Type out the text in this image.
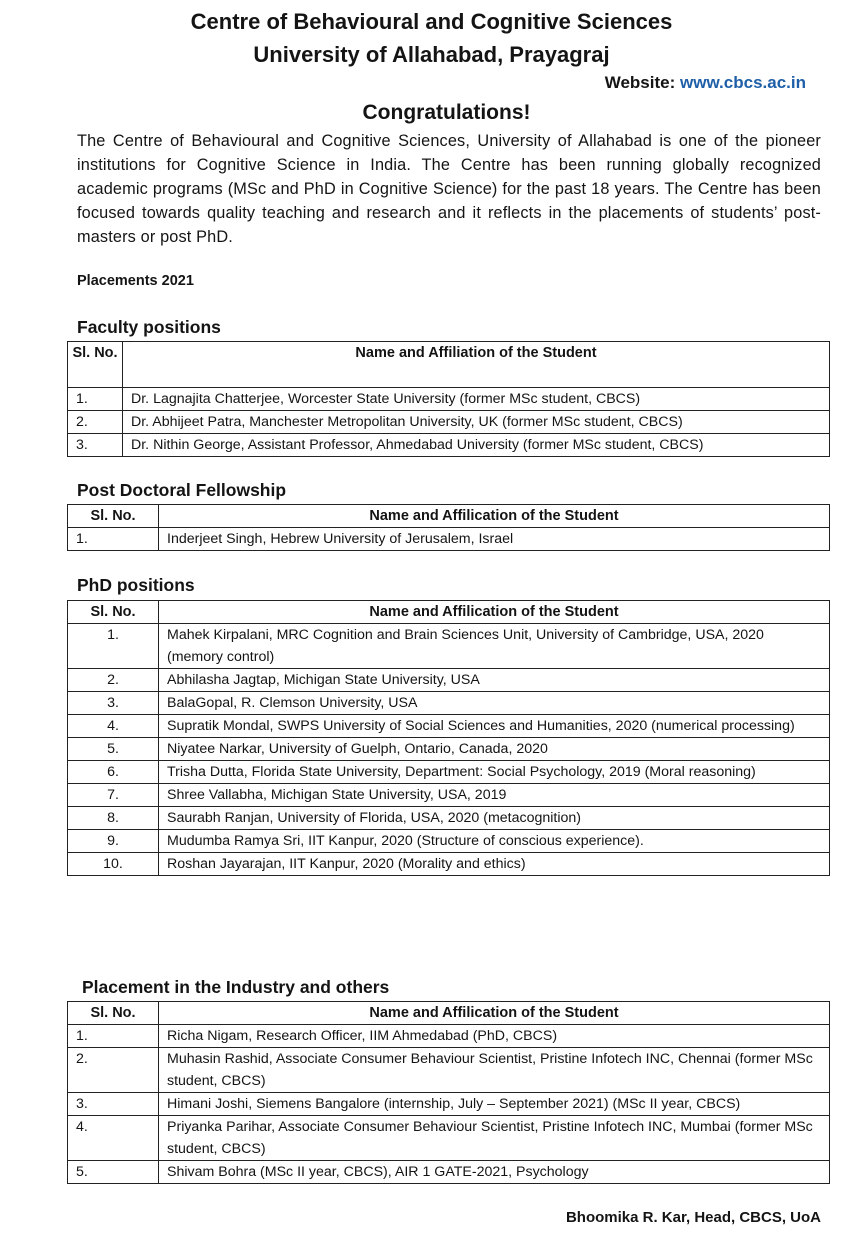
Centre of Behavioural and Cognitive Sciences
University of Allahabad, Prayagraj
Website: www.cbcs.ac.in
Congratulations!

The Centre of Behavioural and Cognitive Sciences, University of Allahabad is one of the pioneer institutions for Cognitive Science in India. The Centre has been running globally recognized academic programs (MSc and PhD in Cognitive Science) for the past 18 years. The Centre has been focused towards quality teaching and research and it reflects in the placements of students’ post-masters or post PhD.

Placements 2021
Faculty positions
Sl. No.	Name and Affiliation of the Student
1.	Dr. Lagnajita Chatterjee, Worcester State University (former MSc student, CBCS)
2.	Dr. Abhijeet Patra, Manchester Metropolitan University, UK (former MSc student, CBCS)
3.	Dr. Nithin George, Assistant Professor, Ahmedabad University (former MSc student, CBCS)
Post Doctoral Fellowship
Sl. No.	Name and Affilication of the Student
1.	Inderjeet Singh, Hebrew University of Jerusalem, Israel
PhD positions
Sl. No.	Name and Affilication of the Student
1.	Mahek Kirpalani, MRC Cognition and Brain Sciences Unit, University of Cambridge, USA, 2020 (memory control)
2.	Abhilasha Jagtap, Michigan State University, USA
3.	BalaGopal, R. Clemson University, USA
4.	Supratik Mondal, SWPS University of Social Sciences and Humanities, 2020 (numerical processing)
5.	Niyatee Narkar, University of Guelph, Ontario, Canada, 2020
6.	Trisha Dutta, Florida State University, Department: Social Psychology, 2019 (Moral reasoning)
7.	Shree Vallabha, Michigan State University, USA, 2019
8.	Saurabh Ranjan, University of Florida, USA, 2020 (metacognition)
9.	Mudumba Ramya Sri, IIT Kanpur, 2020 (Structure of conscious experience).
10.	Roshan Jayarajan, IIT Kanpur, 2020 (Morality and ethics)
Placement in the Industry and others
Sl. No.	Name and Affilication of the Student
1.	Richa Nigam, Research Officer, IIM Ahmedabad (PhD, CBCS)
2.	Muhasin Rashid, Associate Consumer Behaviour Scientist, Pristine Infotech INC, Chennai (former MSc student, CBCS)
3.	Himani Joshi, Siemens Bangalore (internship, July – September 2021) (MSc II year, CBCS)
4.	Priyanka Parihar, Associate Consumer Behaviour Scientist, Pristine Infotech INC, Mumbai (former MSc student, CBCS)
5.	Shivam Bohra (MSc II year, CBCS), AIR 1 GATE-2021, Psychology
Bhoomika R. Kar, Head, CBCS, UoA
